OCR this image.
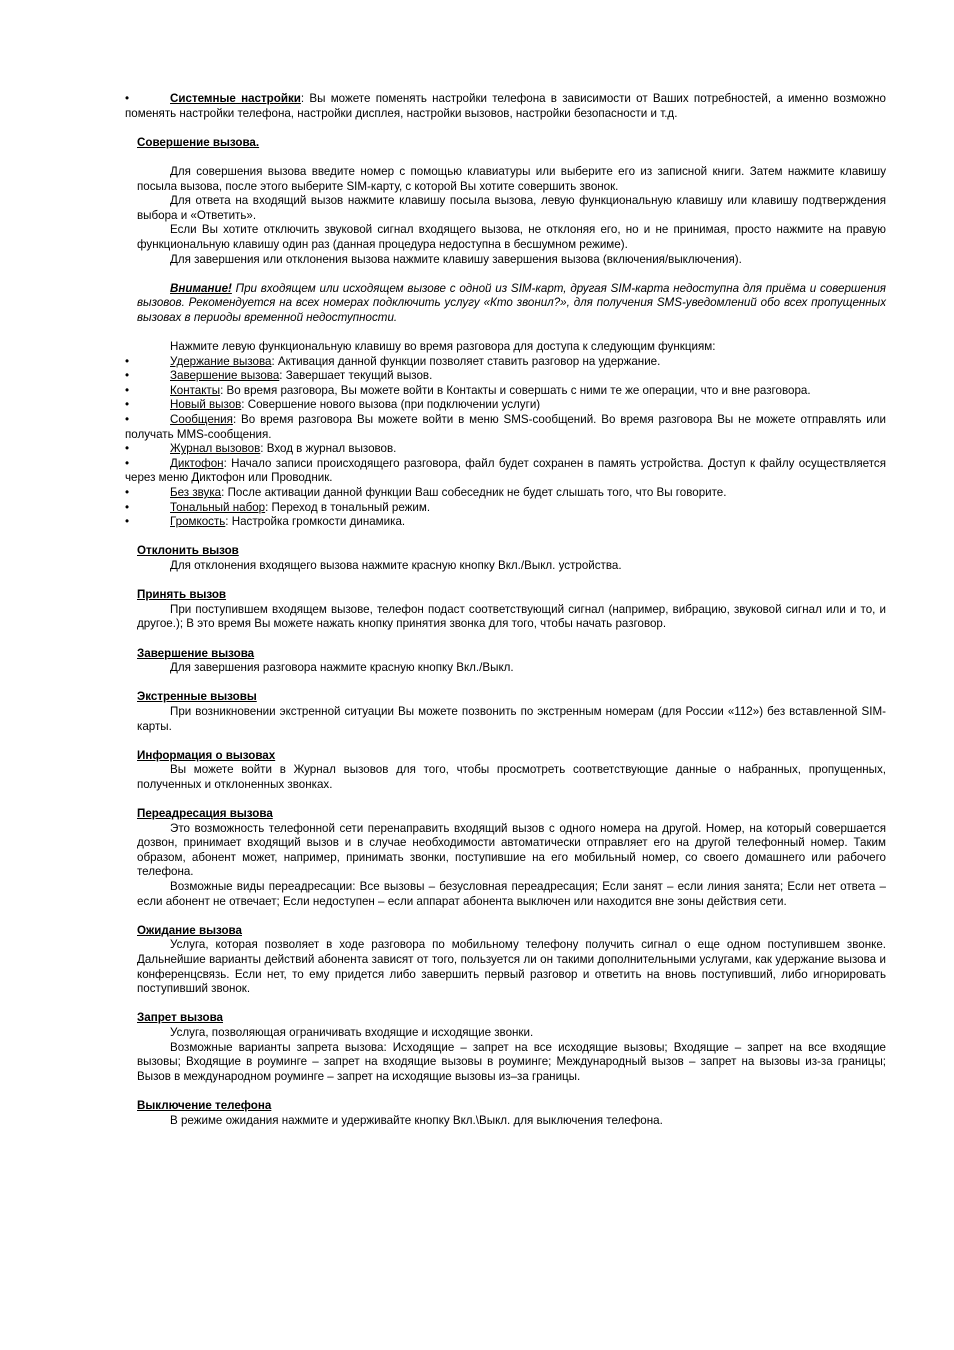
•	Системные настройки: Вы можете поменять настройки телефона в зависимости от Ваших потребностей, а именно возможно поменять настройки телефона, настройки дисплея, настройки вызовов, настройки безопасности и т.д.

Совершение вызова.

Для совершения вызова введите номер с помощью клавиатуры или выберите его из записной книги. Затем нажмите клавишу посыла вызова, после этого выберите SIM-карту, с которой Вы хотите совершить звонок.

Для ответа на входящий вызов нажмите клавишу посыла вызова, левую функциональную клавишу или клавишу подтверждения выбора и «Ответить».

Если Вы хотите отключить звуковой сигнал входящего вызова, не отклоняя его, но и не принимая, просто нажмите на правую функциональную клавишу один раз (данная процедура недоступна в бесшумном режиме).

Для завершения или отклонения вызова нажмите клавишу завершения вызова (включения/выключения).

Внимание! При входящем или исходящем вызове с одной из SIM-карт, другая SIM-карта недоступна для приёма и совершения вызовов. Рекомендуется на всех номерах подключить услугу «Кто звонил?», для получения SMS-уведомлений обо всех пропущенных вызовах в периоды временной недоступности.

Нажмите левую функциональную клавишу во время разговора для доступа к следующим функциям:

•	Удержание вызова: Активация данной функции позволяет ставить разговор на удержание.

•	Завершение вызова: Завершает текущий вызов.

•	Контакты: Во время разговора, Вы можете войти в Контакты и совершать с ними те же операции, что и вне разговора.

•	Новый вызов: Совершение нового вызова (при подключении услуги)

•	Сообщения: Во время разговора Вы можете войти в меню SMS-сообщений. Во время разговора Вы не можете отправлять или получать MMS-сообщения.

•	Журнал вызовов: Вход в журнал вызовов.

•	Диктофон: Начало записи происходящего разговора, файл будет сохранен в память устройства. Доступ к файлу осуществляется через меню Диктофон или Проводник.

•	Без звука: После активации данной функции Ваш собеседник не будет слышать того, что Вы говорите.

•	Тональный набор: Переход в тональный режим.

•	Громкость: Настройка громкости динамика.

Отклонить вызов

Для отклонения входящего вызова нажмите красную кнопку Вкл./Выкл. устройства.

Принять вызов

При поступившем входящем вызове, телефон подаст соответствующий сигнал (например, вибрацию, звуковой сигнал или и то, и другое.); В это время Вы можете нажать кнопку принятия звонка для того, чтобы начать разговор.

Завершение вызова

Для завершения разговора нажмите красную кнопку Вкл./Выкл.

Экстренные вызовы

При возникновении экстренной ситуации Вы можете позвонить по экстренным номерам (для России «112») без вставленной SIM-карты.

Информация о вызовах

Вы можете войти в Журнал вызовов для того, чтобы просмотреть соответствующие данные о набранных, пропущенных, полученных и отклоненных звонках.

Переадресация вызова

Это возможность телефонной сети перенаправить входящий вызов с одного номера на другой. Номер, на который совершается дозвон, принимает входящий вызов и в случае необходимости автоматически отправляет его на другой телефонный номер. Таким образом, абонент может, например, принимать звонки, поступившие на его мобильный номер, со своего домашнего или рабочего телефона.

Возможные виды переадресации: Все вызовы – безусловная переадресация; Если занят – если линия занята; Если нет ответа – если абонент не отвечает; Если недоступен – если аппарат абонента выключен или находится вне зоны действия сети.

Ожидание вызова

Услуга, которая позволяет в ходе разговора по мобильному телефону получить сигнал о еще одном поступившем звонке. Дальнейшие варианты действий абонента зависят от того, пользуется ли он такими дополнительными услугами, как удержание вызова и конференцсвязь. Если нет, то ему придется либо завершить первый разговор и ответить на вновь поступивший, либо игнорировать поступивший звонок.

Запрет вызова

Услуга, позволяющая ограничивать входящие и исходящие звонки.

Возможные варианты запрета вызова: Исходящие – запрет на все исходящие вызовы; Входящие – запрет на все входящие вызовы; Входящие в роуминге – запрет на входящие вызовы в роуминге; Международный вызов – запрет на вызовы из-за границы; Вызов в международном роуминге – запрет на исходящие вызовы из–за границы.

Выключение телефона

В режиме ожидания нажмите и удерживайте кнопку Вкл.\Выкл. для выключения телефона.
